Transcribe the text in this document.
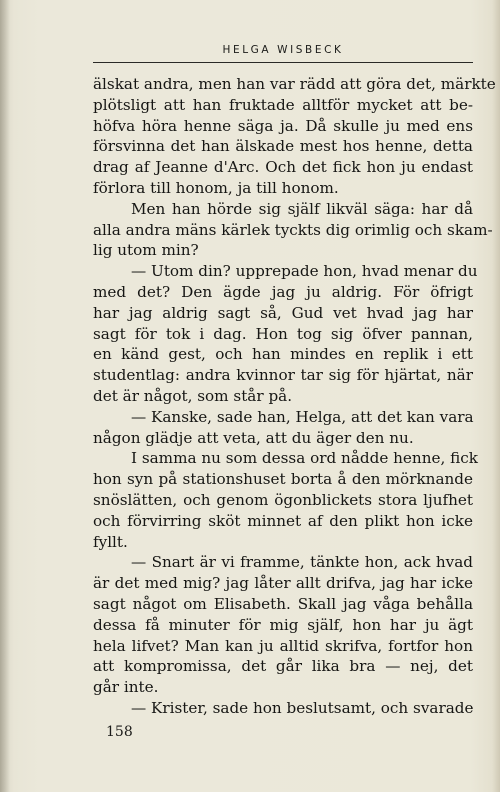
HELGA WISBECK
älskat andra, men han var rädd att göra det, märkte
plötsligt att han fruktade alltför mycket att be-
höfva höra henne säga ja. Då skulle ju med ens
försvinna det han älskade mest hos henne, detta
drag af Jeanne d'Arc. Och det fick hon ju endast
förlora till honom, ja till honom.
Men han hörde sig själf likväl säga: har då
alla andra mäns kärlek tyckts dig orimlig och skam-
lig utom min?
— Utom din? upprepade hon, hvad menar du
med det? Den ägde jag ju aldrig. För öfrigt
har jag aldrig sagt så, Gud vet hvad jag har
sagt för tok i dag. Hon tog sig öfver pannan,
en känd gest, och han mindes en replik i ett
studentlag: andra kvinnor tar sig för hjärtat, när
det är något, som står på.
— Kanske, sade han, Helga, att det kan vara
någon glädje att veta, att du äger den nu.
I samma nu som dessa ord nådde henne, fick
hon syn på stationshuset borta å den mörknande
snöslätten, och genom ögonblickets stora ljufhet
och förvirring sköt minnet af den plikt hon icke
fyllt.
— Snart är vi framme, tänkte hon, ack hvad
är det med mig? jag låter allt drifva, jag har icke
sagt något om Elisabeth. Skall jag våga behålla
dessa få minuter för mig själf, hon har ju ägt
hela lifvet? Man kan ju alltid skrifva, fortfor hon
att kompromissa, det går lika bra — nej, det
går inte.
— Krister, sade hon beslutsamt, och svarade
158
